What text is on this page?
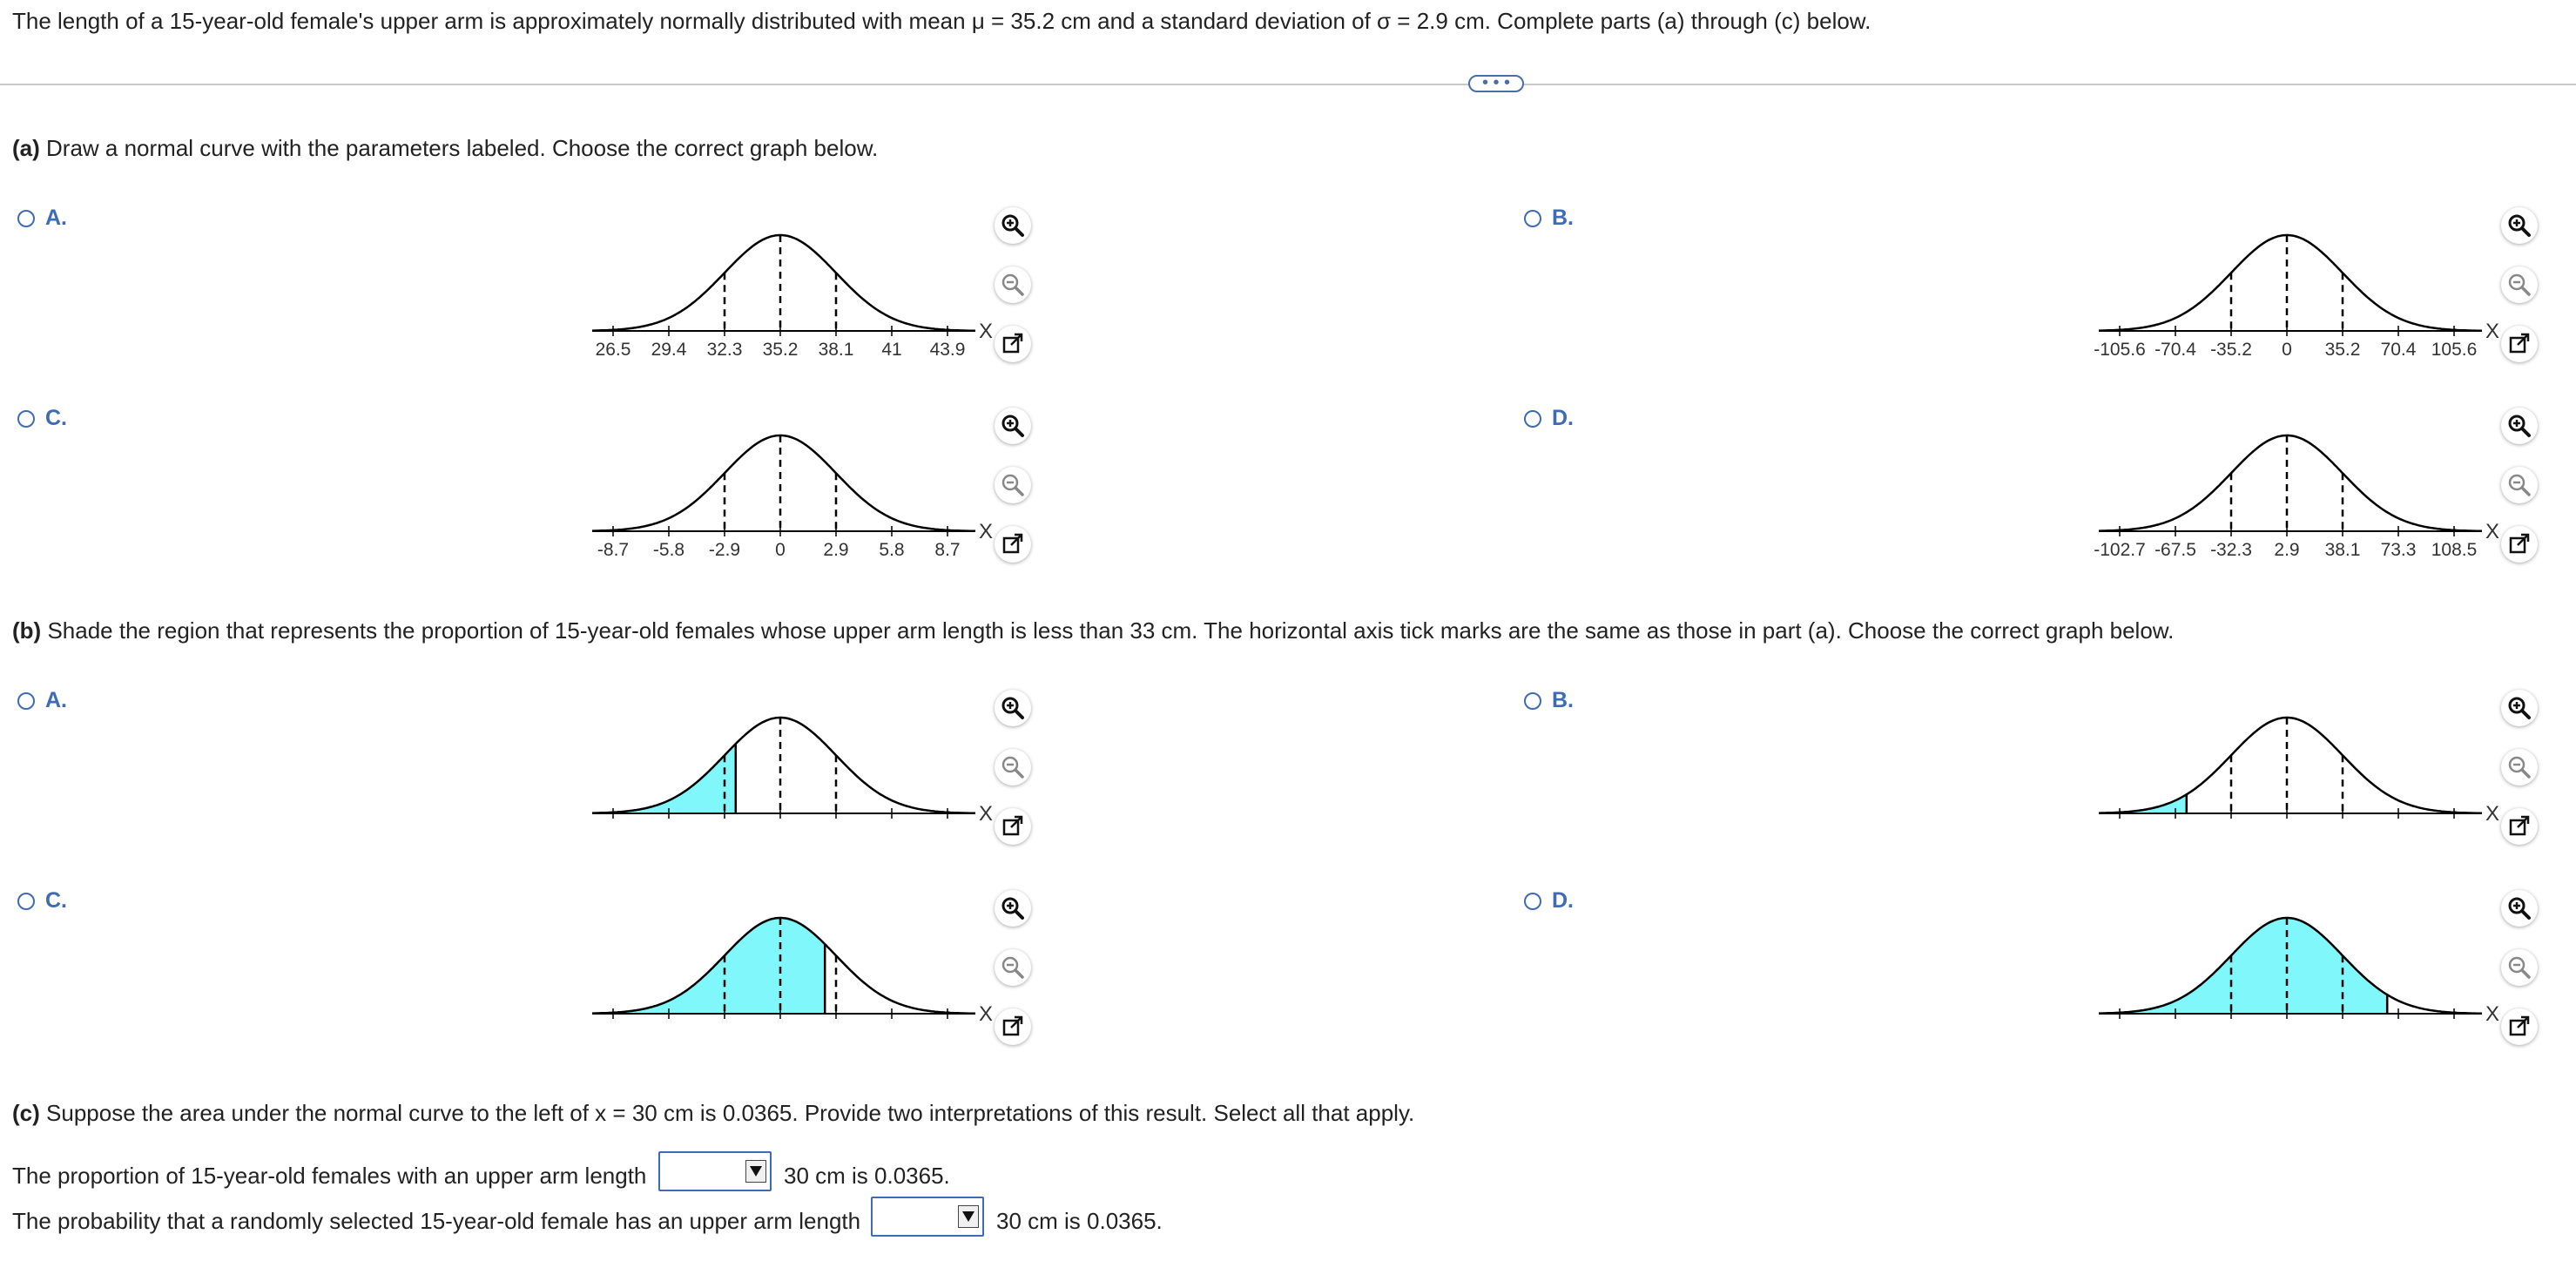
The length of a 15-year-old female's upper arm is approximately normally distributed with mean μ = 35.2 cm and a standard deviation of σ = 2.9 cm. Complete parts (a) through (c) below.
• • •
(a) Draw a normal curve with the parameters labeled. Choose the correct graph below.
A.	B.
C.	D.
26.5 29.4 32.3 35.2 38.1 41 43.9
X
-105.6 -70.4 -35.2 0 35.2 70.4 105.6
X
-8.7 -5.8 -2.9 0 2.9 5.8 8.7
X
-102.7 -67.5 -32.3 2.9 38.1 73.3 108.5
X
(b) Shade the region that represents the proportion of 15-year-old females whose upper arm length is less than 33 cm. The horizontal axis tick marks are the same as those in part (a). Choose the correct graph below.
A.	B.
C.	D.
X	X
X	X
(c) Suppose the area under the normal curve to the left of x = 30 cm is 0.0365. Provide two interpretations of this result. Select all that apply.
The proportion of 15-year-old females with an upper arm length	30 cm is 0.0365.
The probability that a randomly selected 15-year-old female has an upper arm length	30 cm is 0.0365.
